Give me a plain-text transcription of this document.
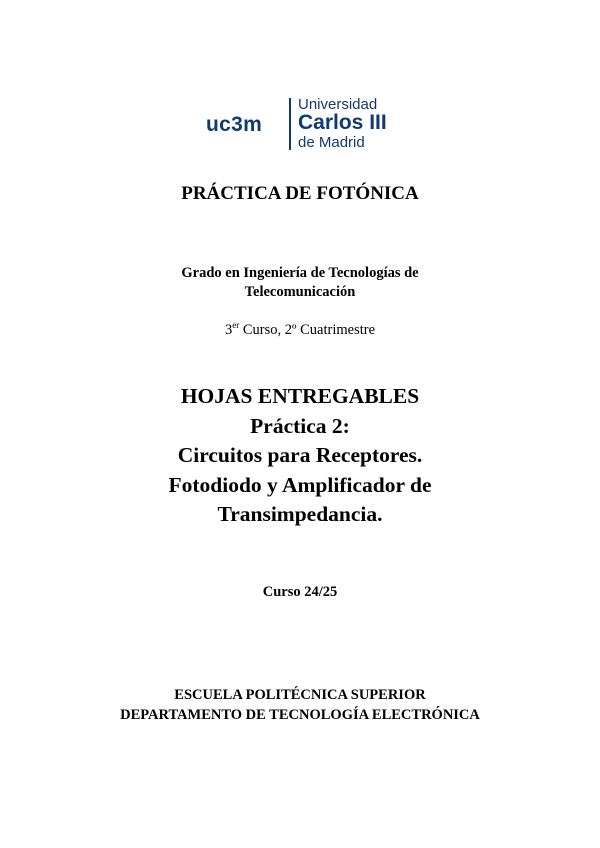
uc3m
Universidad
Carlos III
de Madrid
PRÁCTICA DE FOTÓNICA
Grado en Ingeniería de Tecnologías de
Telecomunicación
3er Curso, 2º Cuatrimestre
HOJAS ENTREGABLES
Práctica 2:
Circuitos para Receptores.
Fotodiodo y Amplificador de
Transimpedancia.
Curso 24/25
ESCUELA POLITÉCNICA SUPERIOR
DEPARTAMENTO DE TECNOLOGÍA ELECTRÓNICA
